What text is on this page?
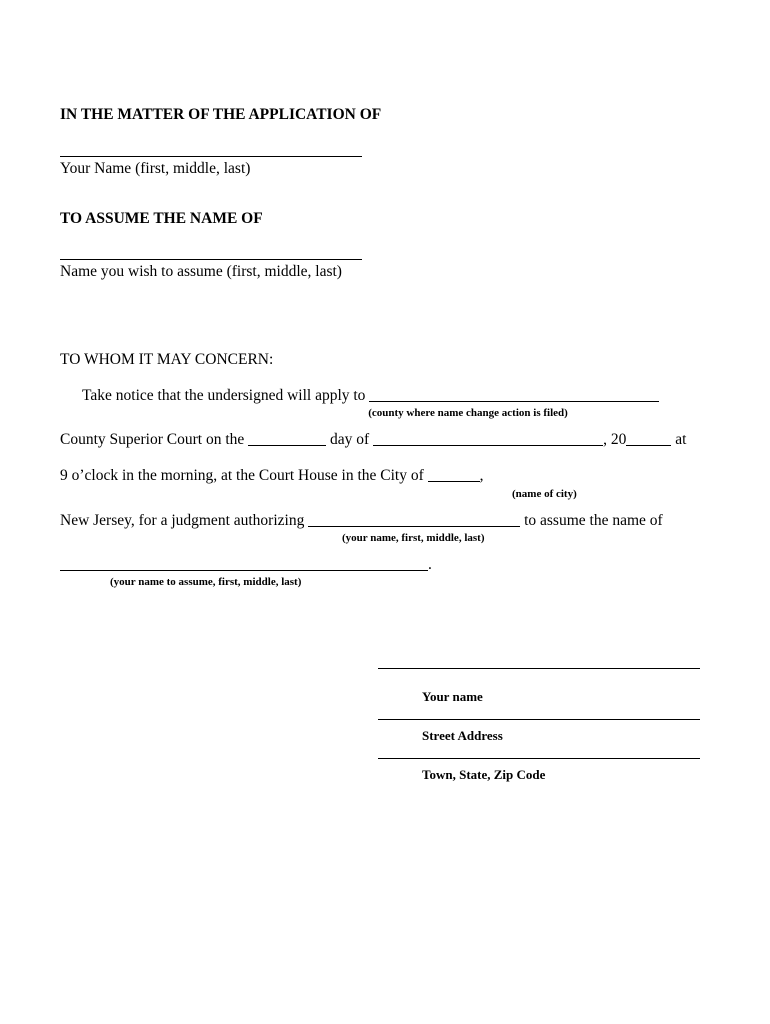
IN THE MATTER OF THE APPLICATION OF
Your Name (first, middle, last)
TO ASSUME THE NAME OF
Name you wish to assume (first, middle, last)
TO WHOM IT MAY CONCERN:
Take notice that the undersigned will apply to
(county where name change action is filed)
County Superior Court on the	day of	, 20	at
9 o’clock in the morning, at the Court House in the City of	,
(name of city)
New Jersey, for a judgment authorizing	to assume the name of
(your name, first, middle, last)
.
(your name to assume, first, middle, last)
Your name
Street Address
Town, State, Zip Code
